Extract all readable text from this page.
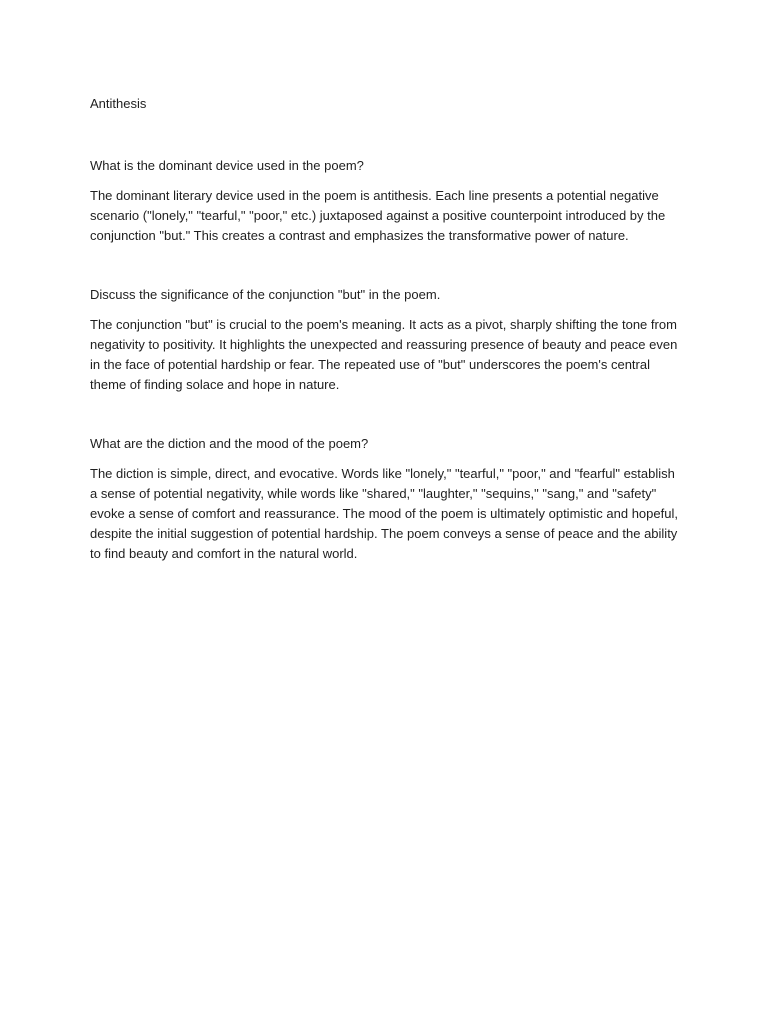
Antithesis

What is the dominant device used in the poem?

The dominant literary device used in the poem is antithesis. Each line presents a potential negative scenario ("lonely," "tearful," "poor," etc.) juxtaposed against a positive counterpoint introduced by the conjunction "but." This creates a contrast and emphasizes the transformative power of nature.

Discuss the significance of the conjunction "but" in the poem.

The conjunction "but" is crucial to the poem's meaning. It acts as a pivot, sharply shifting the tone from negativity to positivity. It highlights the unexpected and reassuring presence of beauty and peace even in the face of potential hardship or fear. The repeated use of "but" underscores the poem's central theme of finding solace and hope in nature.

What are the diction and the mood of the poem?

The diction is simple, direct, and evocative. Words like "lonely," "tearful," "poor," and "fearful" establish a sense of potential negativity, while words like "shared," "laughter," "sequins," "sang," and "safety" evoke a sense of comfort and reassurance. The mood of the poem is ultimately optimistic and hopeful, despite the initial suggestion of potential hardship. The poem conveys a sense of peace and the ability to find beauty and comfort in the natural world.
